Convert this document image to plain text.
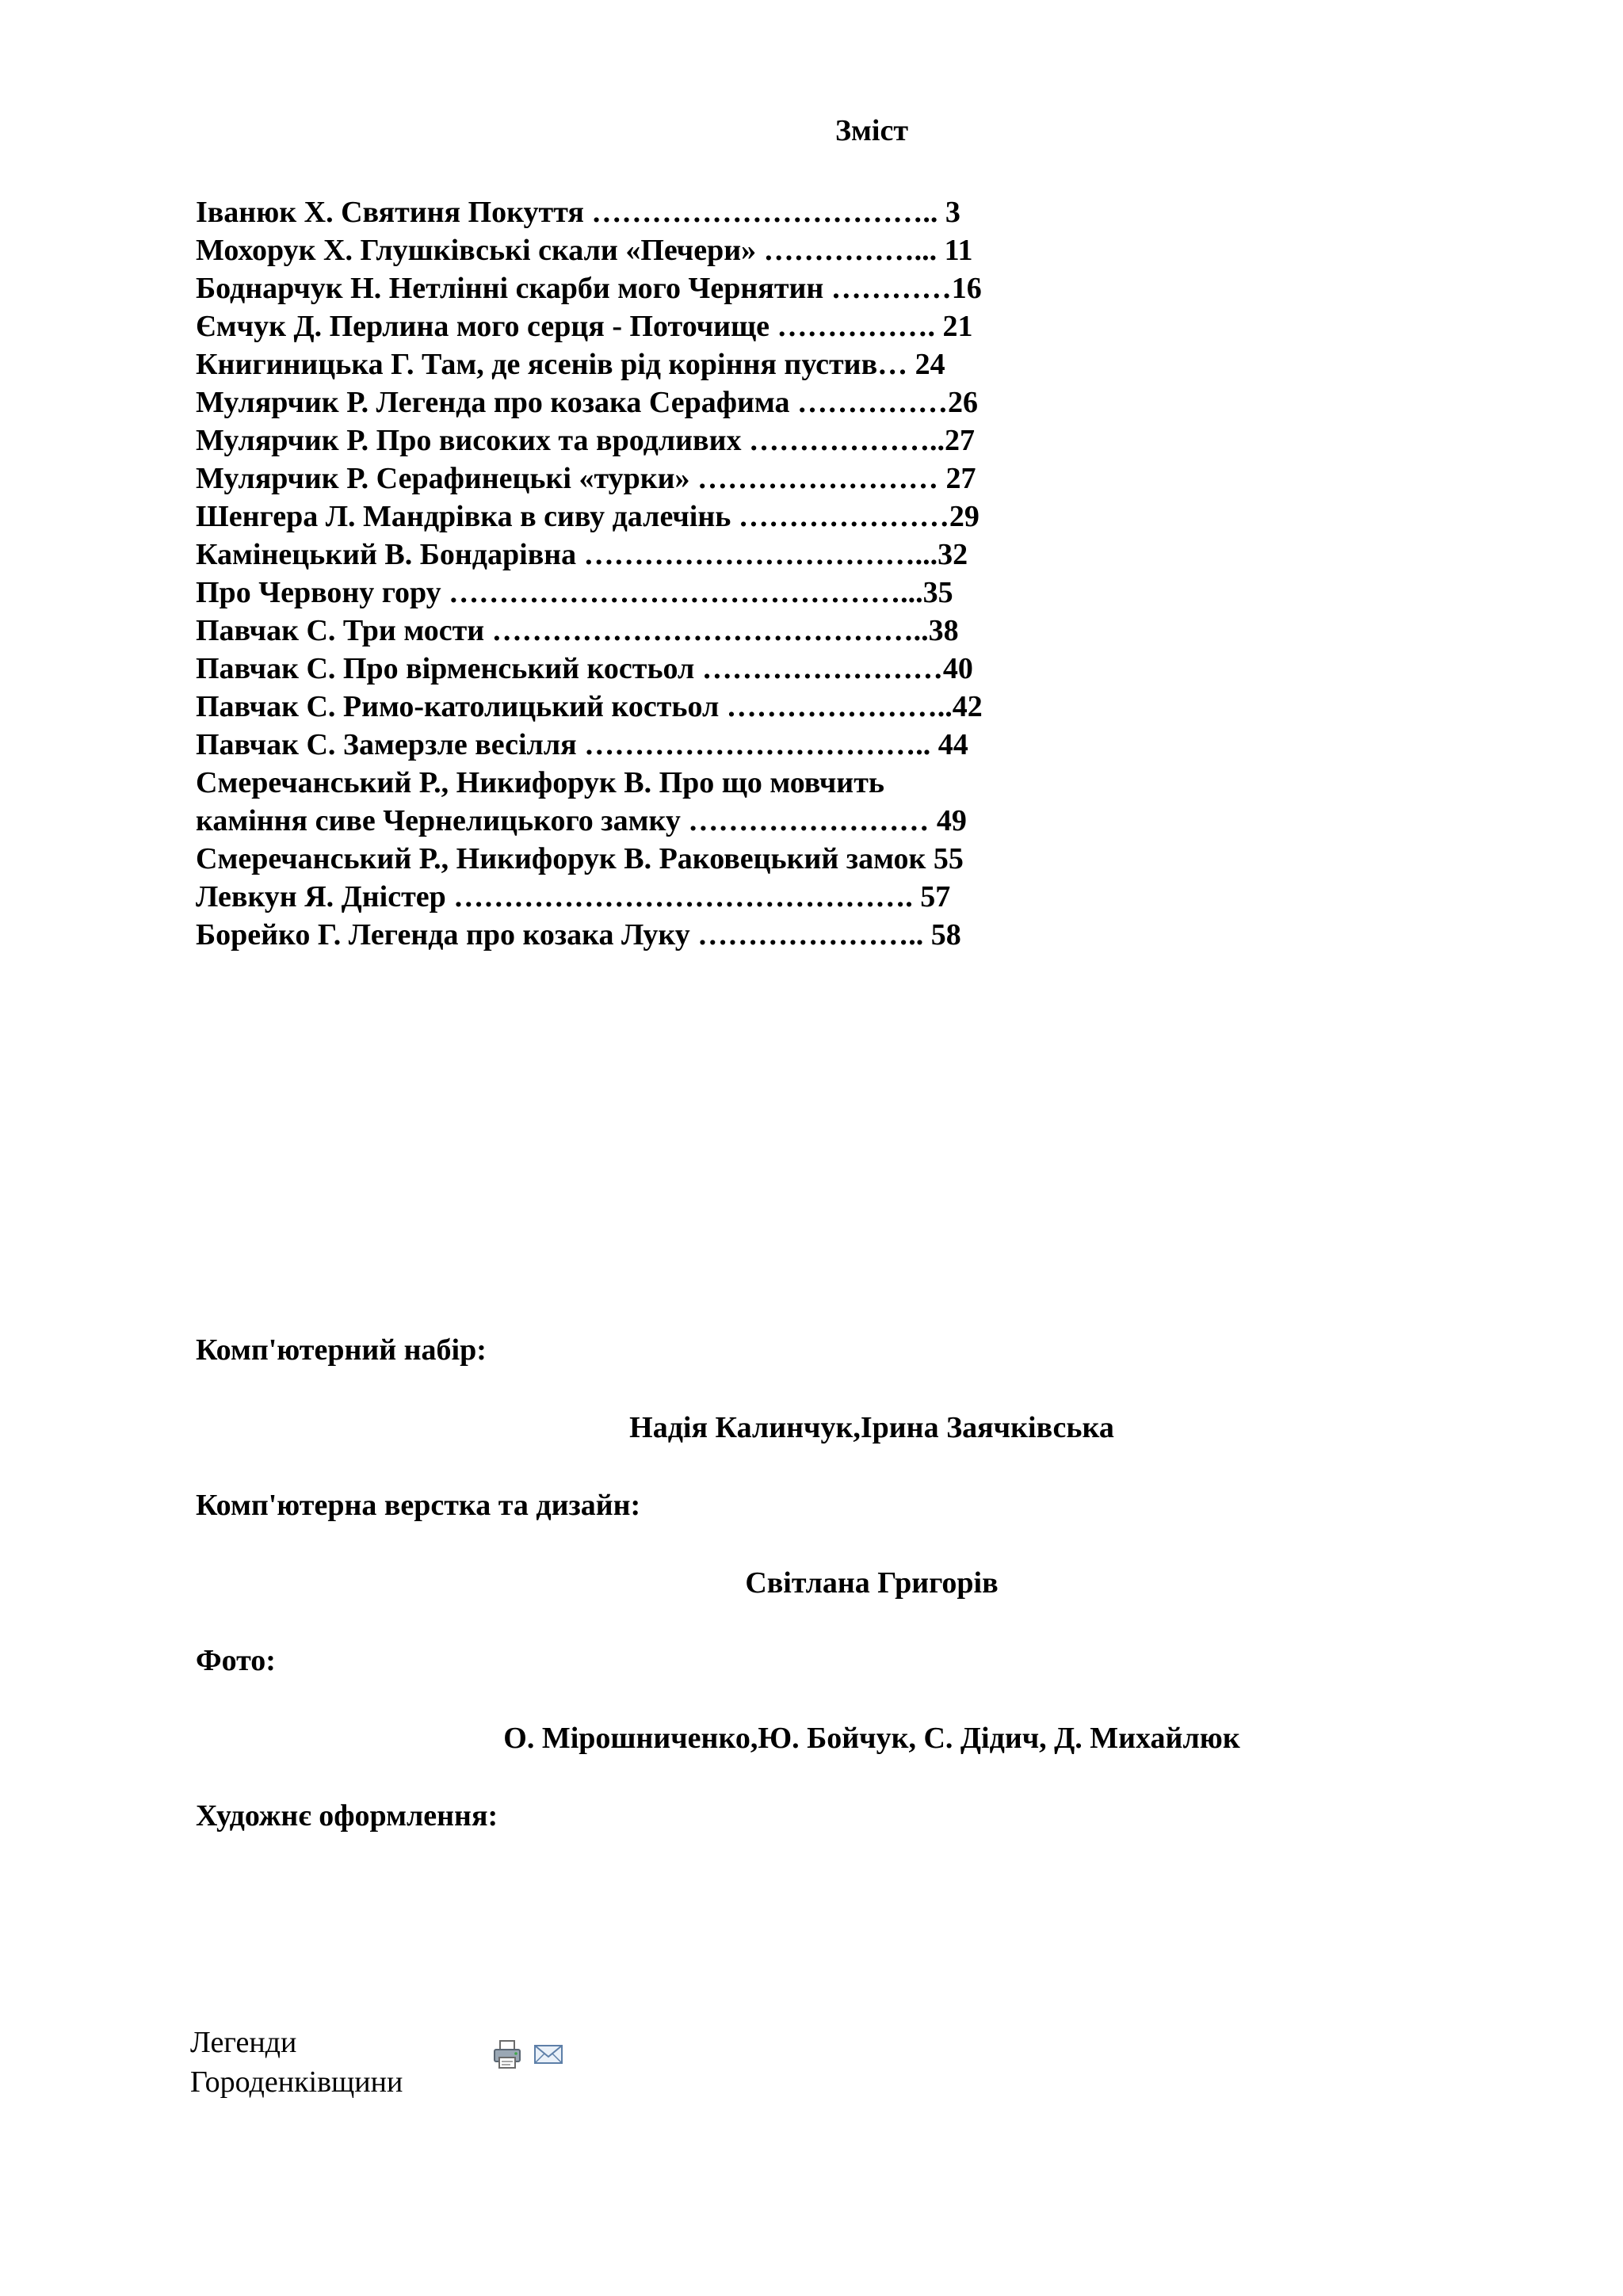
Зміст
Іванюк Х. Святиня Покуття …………………………….. 3
Мохорук Х. Глушківські скали «Печери» ……………... 11
Боднарчук Н. Нетлінні скарби мого Чернятин …………16
Ємчук Д. Перлина мого серця - Поточище ……………. 21
Книгиницька Г. Там, де ясенів рід коріння пустив… 24
Мулярчик Р. Легенда про козака Серафима ……………26
Мулярчик Р. Про високих та вродливих ………………..27
Мулярчик Р. Серафинецькі «турки» …………………… 27
Шенгера Л. Мандрівка в сиву далечінь …………………29
Камінецький В. Бондарівна ……………………………...32
Про Червону гору ………………………………………...35
Павчак С. Три мости ……………………………………..38
Павчак С. Про вірменський костьол ……………………40
Павчак С. Римо-католицький костьол …………………..42
Павчак С. Замерзле весілля …………………………….. 44
Смеречанський Р., Никифорук В. Про що мовчить
каміння сиве Чернелицького замку …………………… 49
Смеречанський Р., Никифорук В. Раковецький замок 55
Левкун Я. Дністер ………………………………………. 57
Борейко Г. Легенда про козака Луку ………………….. 58
Комп'ютерний набір:
Надія Калинчук,Ірина Заячківська
Комп'ютерна верстка та дизайн:
Світлана Григорів
Фото:
О. Мірошниченко,Ю. Бойчук, С. Дідич, Д. Михайлюк
Художнє оформлення:
Легенди
Городенківщини
